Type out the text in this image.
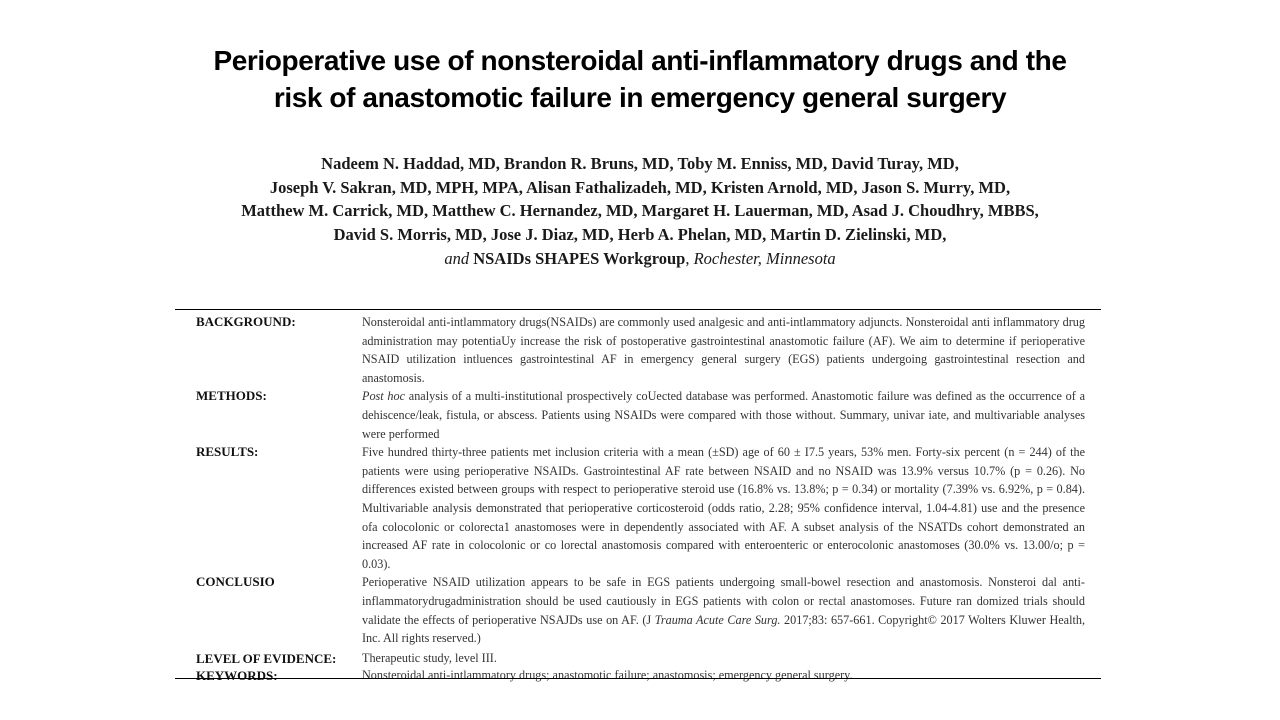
Perioperative use of nonsteroidal anti-inflammatory drugs and the
risk of anastomotic failure in emergency general surgery
Nadeem N. Haddad, MD, Brandon R. Bruns, MD, Toby M. Enniss, MD, David Turay, MD,
Joseph V. Sakran, MD, MPH, MPA, Alisan Fathalizadeh, MD, Kristen Arnold, MD, Jason S. Murry, MD,
Matthew M. Carrick, MD, Matthew C. Hernandez, MD, Margaret H. Lauerman, MD, Asad J. Choudhry, MBBS,
David S. Morris, MD, Jose J. Diaz, MD, Herb A. Phelan, MD, Martin D. Zielinski, MD,
and NSAIDs SHAPES Workgroup, Rochester, Minnesota
BACKGROUND:	Nonsteroidal anti-intlammatory drugs(NSAIDs) are commonly used analgesic and anti-intlammatory adjuncts. Nonsteroidal anti inflammatory drug administration may potentiaUy increase the risk of postoperative gastrointestinal anastomotic failure (AF). We aim to determine if perioperative NSAID utilization intluences gastrointestinal AF in emergency general surgery (EGS) patients undergoing gastrointestinal resection and anastomosis.
METHODS:	Post hoc analysis of a multi-institutional prospectively coUected database was performed. Anastomotic failure was defined as the occurrence of a dehiscence/leak, fistula, or abscess. Patients using NSAIDs were compared with those without. Summary, univar iate, and multivariable analyses were performed
RESULTS:	Five hundred thirty-three patients met inclusion criteria with a mean (±SD) age of 60 ± I7.5 years, 53% men. Forty-six percent (n = 244) of the patients were using perioperative NSAIDs. Gastrointestinal AF rate between NSAID and no NSAID was 13.9% versus 10.7% (p = 0.26). No differences existed between groups with respect to perioperative steroid use (16.8% vs. 13.8%; p = 0.34) or mortality (7.39% vs. 6.92%, p = 0.84). Multivariable analysis demonstrated that perioperative corticosteroid (odds ratio, 2.28; 95% confidence interval, 1.04-4.81) use and the presence ofa colocolonic or colorecta1 anastomoses were in dependently associated with AF. A subset analysis of the NSATDs cohort demonstrated an increased AF rate in colocolonic or co lorectal anastomosis compared with enteroenteric or enterocolonic anastomoses (30.0% vs. 13.00/o; p = 0.03).
CONCLUSIO	Perioperative NSAID utilization appears to be safe in EGS patients undergoing small-bowel resection and anastomosis. Nonsteroi dal anti-inflammatorydrugadministration should be used cautiously in EGS patients with colon or rectal anastomoses. Future ran domized trials should validate the effects of perioperative NSAJDs use on AF. (J Trauma Acute Care Surg. 2017;83: 657-661. Copyright© 2017 Wolters Kluwer Health, Inc. All rights reserved.)
LEVEL OF EVIDENCE:	Therapeutic study, level III.
KEYWORDS:	Nonsteroidal anti-intlammatory drugs; anastomotic failure; anastomosis; emergency general surgery.
